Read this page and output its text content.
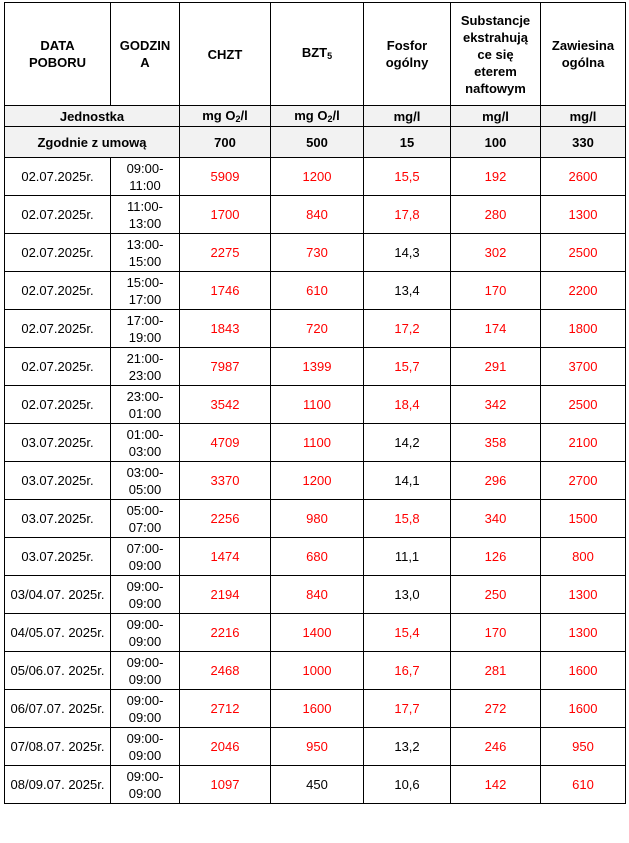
DATA POBORU	GODZIN A	CHZT	$BZT_5$	Fosfor ogólny	Substancje ekstrahują ce się eterem naftowym	Zawiesina ogólna
Jednostka		mg $O_2/l$	mg $O_2/l$	mg/l	mg/l	mg/l
Zgodnie z umową		700	500	15	100	330
02.07.2025r.	09:00-11:00	5909	1200	15,5	192	2600
02.07.2025r.	11:00-13:00	1700	840	17,8	280	1300
02.07.2025r.	13:00-15:00	2275	730	14,3	302	2500
02.07.2025r.	15:00-17:00	1746	610	13,4	170	2200
02.07.2025r.	17:00-19:00	1843	720	17,2	174	1800
02.07.2025r.	21:00-23:00	7987	1399	15,7	291	3700
02.07.2025r.	23:00-01:00	3542	1100	18,4	342	2500
03.07.2025r.	01:00-03:00	4709	1100	14,2	358	2100
03.07.2025r.	03:00-05:00	3370	1200	14,1	296	2700
03.07.2025r.	05:00-07:00	2256	980	15,8	340	1500
03.07.2025r.	07:00-09:00	1474	680	11,1	126	800
03/04.07. 2025r.	09:00-09:00	2194	840	13,0	250	1300
04/05.07. 2025r.	09:00-09:00	2216	1400	15,4	170	1300
05/06.07. 2025r.	09:00-09:00	2468	1000	16,7	281	1600
06/07.07. 2025r.	09:00-09:00	2712	1600	17,7	272	1600
07/08.07. 2025r.	09:00-09:00	2046	950	13,2	246	950
08/09.07. 2025r.	09:00-09:00	1097	450	10,6	142	610
